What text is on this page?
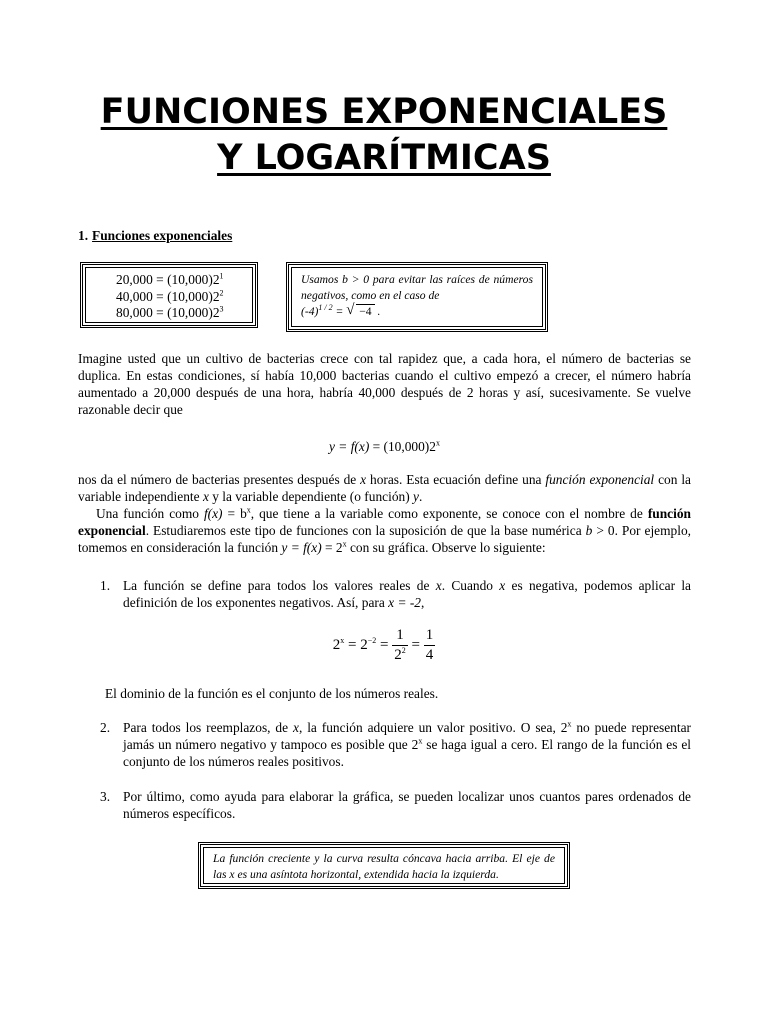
FUNCIONES EXPONENCIALES
Y LOGARÍTMICAS
1. Funciones exponenciales
$20,000 = (10,000)2^1$
$40,000 = (10,000)2^2$
$80,000 = (10,000)2^3$
Usamos b > 0 para evitar las raíces de números negativos, como en el caso de
$(-4)^{1 / 2}$ = √ −4 .
Imagine usted que un cultivo de bacterias crece con tal rapidez que, a cada hora, el número de bacterias se duplica. En estas condiciones, sí había 10,000 bacterias cuando el cultivo empezó a crecer, el número habría aumentado a 20,000 después de una hora, habría 40,000 después de 2 horas y así, sucesivamente. Se vuelve razonable decir que
$y = f(x) = (10,000)2^x$
nos da el número de bacterias presentes después de x horas. Esta ecuación define una función exponencial con la variable independiente x y la variable dependiente (o función) y.
Una función como $f(x) = b^x$, que tiene a la variable como exponente, se conoce con el nombre de función exponencial. Estudiaremos este tipo de funciones con la suposición de que la base numérica b > 0. Por ejemplo, tomemos en consideración la función $y = f(x) = 2^x$ con su gráfica. Observe lo siguiente:
1. La función se define para todos los valores reales de x. Cuando x es negativa, podemos aplicar la definición de los exponentes negativos. Así, para x = -2,
$2^x = 2^{-2} = \frac{1}{2^2} = \frac{1}{4}$
El dominio de la función es el conjunto de los números reales.
2. Para todos los reemplazos, de x, la función adquiere un valor positivo. O sea, 2$^x$ no puede representar jamás un número negativo y tampoco es posible que 2$^x$ se haga igual a cero. El rango de la función es el conjunto de los números reales positivos.
3. Por último, como ayuda para elaborar la gráfica, se pueden localizar unos cuantos pares ordenados de números específicos.
La función creciente y la curva resulta cóncava hacia arriba. El eje de las x es una asíntota horizontal, extendida hacia la izquierda.
